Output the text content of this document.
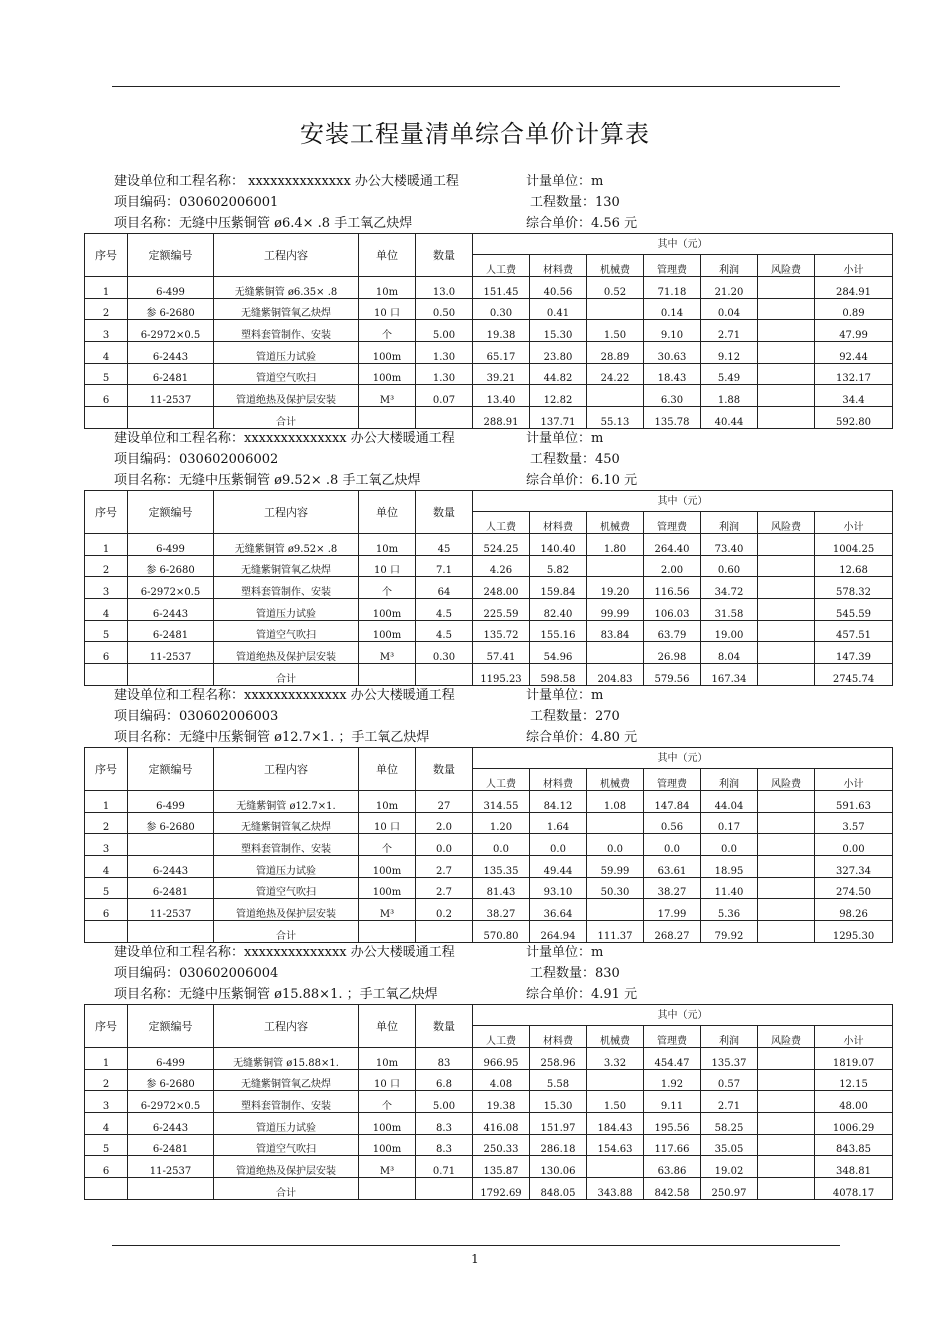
安装工程量清单综合单价计算表
建设单位和工程名称： xxxxxxxxxxxxxx 办公大楼暖通工程
项目编码：030602006001
项目名称：无缝中压紫铜管 ø6.4× .8 手工氧乙炔焊
计量单位：m
工程数量：130
综合单价：4.56 元
序号	定额编号	工程内容	单位	数量	其中（元）						
					人工费	材料费	机械费	管理费	利润	风险费	小计
1	6-499	无缝紫铜管 ø6.35× .8	10m	13.0	151.45	40.56	0.52	71.18	21.20		284.91
2	参 6-2680	无缝紫铜管氧乙炔焊	10 口	0.50	0.30	0.41		0.14	0.04		0.89
3	6-2972×0.5	塑料套管制作、安装	个	5.00	19.38	15.30	1.50	9.10	2.71		47.99
4	6-2443	管道压力试验	100m	1.30	65.17	23.80	28.89	30.63	9.12		92.44
5	6-2481	管道空气吹扫	100m	1.30	39.21	44.82	24.22	18.43	5.49		132.17
6	11-2537	管道绝热及保护层安装	M³	0.07	13.40	12.82		6.30	1.88		34.4
		合计			288.91	137.71	55.13	135.78	40.44		592.80
建设单位和工程名称：xxxxxxxxxxxxxx 办公大楼暖通工程
项目编码：030602006002
项目名称：无缝中压紫铜管 ø9.52× .8 手工氧乙炔焊
计量单位：m
工程数量：450
综合单价：6.10 元
序号	定额编号	工程内容	单位	数量	其中（元）						
					人工费	材料费	机械费	管理费	利润	风险费	小计
1	6-499	无缝紫铜管 ø9.52× .8	10m	45	524.25	140.40	1.80	264.40	73.40		1004.25
2	参 6-2680	无缝紫铜管氧乙炔焊	10 口	7.1	4.26	5.82		2.00	0.60		12.68
3	6-2972×0.5	塑料套管制作、安装	个	64	248.00	159.84	19.20	116.56	34.72		578.32
4	6-2443	管道压力试验	100m	4.5	225.59	82.40	99.99	106.03	31.58		545.59
5	6-2481	管道空气吹扫	100m	4.5	135.72	155.16	83.84	63.79	19.00		457.51
6	11-2537	管道绝热及保护层安装	M³	0.30	57.41	54.96		26.98	8.04		147.39
		合计			1195.23	598.58	204.83	579.56	167.34		2745.74
建设单位和工程名称：xxxxxxxxxxxxxx 办公大楼暖通工程
项目编码：030602006003
项目名称：无缝中压紫铜管 ø12.7×1. ；手工氧乙炔焊
计量单位：m
工程数量：270
综合单价：4.80 元
序号	定额编号	工程内容	单位	数量	其中（元）						
					人工费	材料费	机械费	管理费	利润	风险费	小计
1	6-499	无缝紫铜管 ø12.7×1.	10m	27	314.55	84.12	1.08	147.84	44.04		591.63
2	参 6-2680	无缝紫铜管氧乙炔焊	10 口	2.0	1.20	1.64		0.56	0.17		3.57
3		塑料套管制作、安装	个	0.0	0.0	0.0	0.0	0.0	0.0		0.00
4	6-2443	管道压力试验	100m	2.7	135.35	49.44	59.99	63.61	18.95		327.34
5	6-2481	管道空气吹扫	100m	2.7	81.43	93.10	50.30	38.27	11.40		274.50
6	11-2537	管道绝热及保护层安装	M³	0.2	38.27	36.64		17.99	5.36		98.26
		合计			570.80	264.94	111.37	268.27	79.92		1295.30
建设单位和工程名称：xxxxxxxxxxxxxx 办公大楼暖通工程
项目编码：030602006004
项目名称：无缝中压紫铜管 ø15.88×1. ；手工氧乙炔焊
计量单位：m
工程数量：830
综合单价：4.91 元
序号	定额编号	工程内容	单位	数量	其中（元）						
					人工费	材料费	机械费	管理费	利润	风险费	小计
1	6-499	无缝紫铜管 ø15.88×1.	10m	83	966.95	258.96	3.32	454.47	135.37		1819.07
2	参 6-2680	无缝紫铜管氧乙炔焊	10 口	6.8	4.08	5.58		1.92	0.57		12.15
3	6-2972×0.5	塑料套管制作、安装	个	5.00	19.38	15.30	1.50	9.11	2.71		48.00
4	6-2443	管道压力试验	100m	8.3	416.08	151.97	184.43	195.56	58.25		1006.29
5	6-2481	管道空气吹扫	100m	8.3	250.33	286.18	154.63	117.66	35.05		843.85
6	11-2537	管道绝热及保护层安装	M³	0.71	135.87	130.06		63.86	19.02		348.81
		合计			1792.69	848.05	343.88	842.58	250.97		4078.17
1
